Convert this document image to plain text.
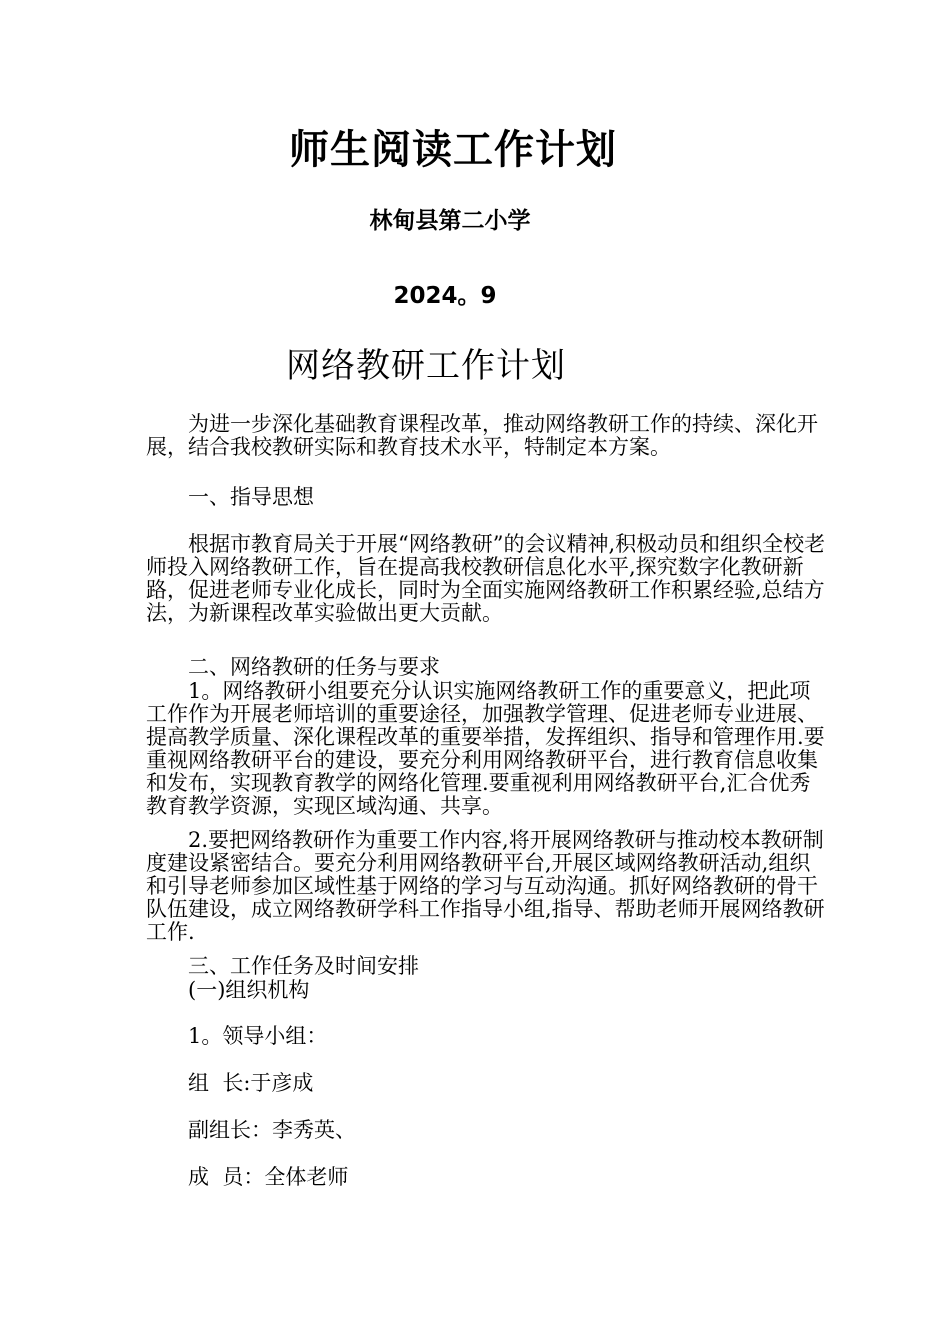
师生阅读工作计划
林甸县第二小学
2024。9
网络教研工作计划

为进一步深化基础教育课程改革，推动网络教研工作的持续、深化开展，结合我校教研实际和教育技术水平，特制定本方案。

一、指导思想

根据市教育局关于开展“网络教研”的会议精神,积极动员和组织全校老师投入网络教研工作，旨在提高我校教研信息化水平,探究数字化教研新路，促进老师专业化成长，同时为全面实施网络教研工作积累经验,总结方法，为新课程改革实验做出更大贡献。

二、网络教研的任务与要求

1。网络教研小组要充分认识实施网络教研工作的重要意义，把此项工作作为开展老师培训的重要途径，加强教学管理、促进老师专业进展、提高教学质量、深化课程改革的重要举措，发挥组织、指导和管理作用.要重视网络教研平台的建设，要充分利用网络教研平台，进行教育信息收集和发布，实现教育教学的网络化管理.要重视利用网络教研平台,汇合优秀教育教学资源，实现区域沟通、共享。

2.要把网络教研作为重要工作内容,将开展网络教研与推动校本教研制度建设紧密结合。要充分利用网络教研平台,开展区域网络教研活动,组织和引导老师参加区域性基于网络的学习与互动沟通。抓好网络教研的骨干队伍建设，成立网络教研学科工作指导小组,指导、帮助老师开展网络教研工作.

三、工作任务及时间安排

(一)组织机构

1。领导小组：

组  长:于彦成

副组长：李秀英、

成  员：全体老师
